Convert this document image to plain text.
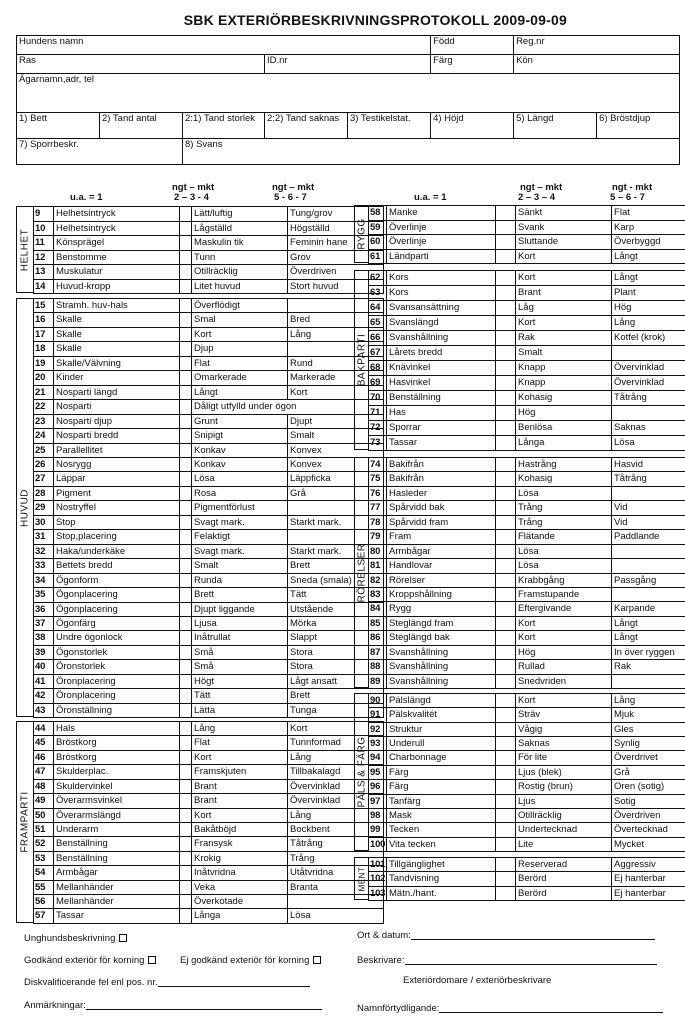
SBK EXTERIÖRBESKRIVNINGSPROTOKOLL 2009-09-09
Hundens namn					Född	Reg.nr	
Ras			ID.nr		Färg	Kön	
Ägarnamn,adr, tel							

1) Bett	2) Tand antal	2:1) Tand storlek	2:2) Tand saknas	3) Testikelstat.	4) Höjd	5) Längd	6) Bröstdjup
7) Sporrbeskr.		8) Svans					
ngt – mkt	ngt – mkt
u.a. = 1	2 – 3 - 4	5 - 6 - 7
ngt – mkt	ngt - mkt
u.a. = 1	2 – 3 – 4	5 – 6 - 7
9	Helhetsintryck		Lätt/luftig	Tung/grov
10	Helhetsintryck		Lågställd	Högställd
11	Könsprägel		Maskulin tik	Feminin hane
12	Benstomme		Tunn	Grov
13	Muskulatur		Otillräcklig	Överdriven
14	Huvud-kropp		Litet huvud	Stort huvud
HELHET
15	Stramh. huv-hals		Överflödigt	
16	Skalle		Smal	Bred
17	Skalle		Kort	Lång
18	Skalle		Djup	
19	Skalle/Välvning		Flat	Rund
20	Kinder		Omarkerade	Markerade
21	Nosparti längd		Långt	Kort
22	Nosparti		Dåligt utfylld under ögon	
23	Nosparti djup		Grunt	Djupt
24	Nosparti bredd		Snipigt	Smalt
25	Parallellitet		Konkav	Konvex
26	Nosrygg		Konkav	Konvex
27	Läppar		Lösa	Läppficka
28	Pigment		Rosa	Grå
29	Nostryffel		Pigmentförlust	
30	Stop		Svagt mark.	Starkt mark.
31	Stop,placering		Felaktigt	
32	Haka/underkäke		Svagt mark.	Starkt mark.
33	Bettets bredd		Smalt	Brett
34	Ögonform		Runda	Sneda (smala)
35	Ögonplacering		Brett	Tätt
36	Ögonplacering		Djupt liggande	Utstående
37	Ögonfärg		Ljusa	Mörka
38	Undre ögonlock		Inåtrullat	Slappt
39	Ögonstorlek		Små	Stora
40	Öronstorlek		Små	Stora
41	Öronplacering		Högt	Lågt ansatt
42	Öronplacering		Tätt	Brett
43	Öronställning		Lätta	Tunga
HUVUD
44	Hals		Lång	Kort
45	Bröstkorg		Flat	Tunnformad
46	Bröstkorg		Kort	Lång
47	Skulderplac.		Framskjuten	Tillbakalagd
48	Skuldervinkel		Brant	Övervinklad
49	Överarmsvinkel		Brant	Övervinklad
50	Överarmslängd		Kort	Lång
51	Underarm		Bakåtböjd	Bockbent
52	Benställning		Fransysk	Tåtrång
53	Benställning		Krokig	Trång
54	Armbågar		Inåtvridna	Utåtvridna
55	Mellanhänder		Veka	Branta
56	Mellanhänder		Överkotade	
57	Tassar		Långa	Lösa
FRAMPARTI
58	Manke		Sänkt	Flat
59	Överlinje		Svank	Karp
60	Överlinje		Sluttande	Överbyggd
61	Ländparti		Kort	Långt
RYGG
62	Kors		Kort	Långt
63	Kors		Brant	Plant
64	Svansansättning		Låg	Hög
65	Svanslängd		Kort	Lång
66	Svanshållning		Rak	Kotfel (krok)
67	Lårets bredd		Smalt	
68	Knävinkel		Knapp	Övervinklad
69	Hasvinkel		Knapp	Övervinklad
70	Benställning		Kohasig	Tåtrång
71	Has		Hög	
72	Sporrar		Benlösa	Saknas
73	Tassar		Långa	Lösa
BAKPARTI
74	Bakifrån		Hastrång	Hasvid
75	Bakifrån		Kohasig	Tåtrång
76	Hasleder		Lösa	
77	Spårvidd bak		Trång	Vid
78	Spårvidd fram		Trång	Vid
79	Fram		Flätande	Paddlande
80	Armbågar		Lösa	
81	Handlovar		Lösa	
82	Rörelser		Krabbgång	Passgång
83	Kroppshållning		Framstupande	
84	Rygg		Eftergivande	Karpande
85	Steglängd fram		Kort	Långt
86	Steglängd bak		Kort	Långt
87	Svanshållning		Hög	In över ryggen
88	Svanshållning		Rullad	Rak
89	Svanshållning		Snedvriden	
RÖRELSER
90	Pälslängd		Kort	Lång
91	Pälskvalitét		Sträv	Mjuk
92	Struktur		Vågig	Gles
93	Underull		Saknas	Synlig
94	Charbonnage		För lite	Överdrivet
95	Färg		Ljus (blek)	Grå
96	Färg		Rostig (brun)	Oren (sotig)
97	Tanfärg		Ljus	Sotig
98	Mask		Otillräcklig	Överdriven
99	Tecken		Undertecknad	Övertecknad
100	Vita tecken		Lite	Mycket
PÄLS & FÄRG
101	Tillgänglighet		Reserverad	Aggressiv
102	Tandvisning		Berörd	Ej hanterbar
103	Mätn./hant.		Berörd	Ej hanterbar
MENT
Unghundsbeskrivning
Godkänd exteriör för korning	Ej godkänd exteriör för korning
Diskvalificerande fel enl pos. nr.
Anmärkningar:
Ort & datum:
Beskrivare:
Exteriördomare / exteriörbeskrivare
Namnförtydligande:
